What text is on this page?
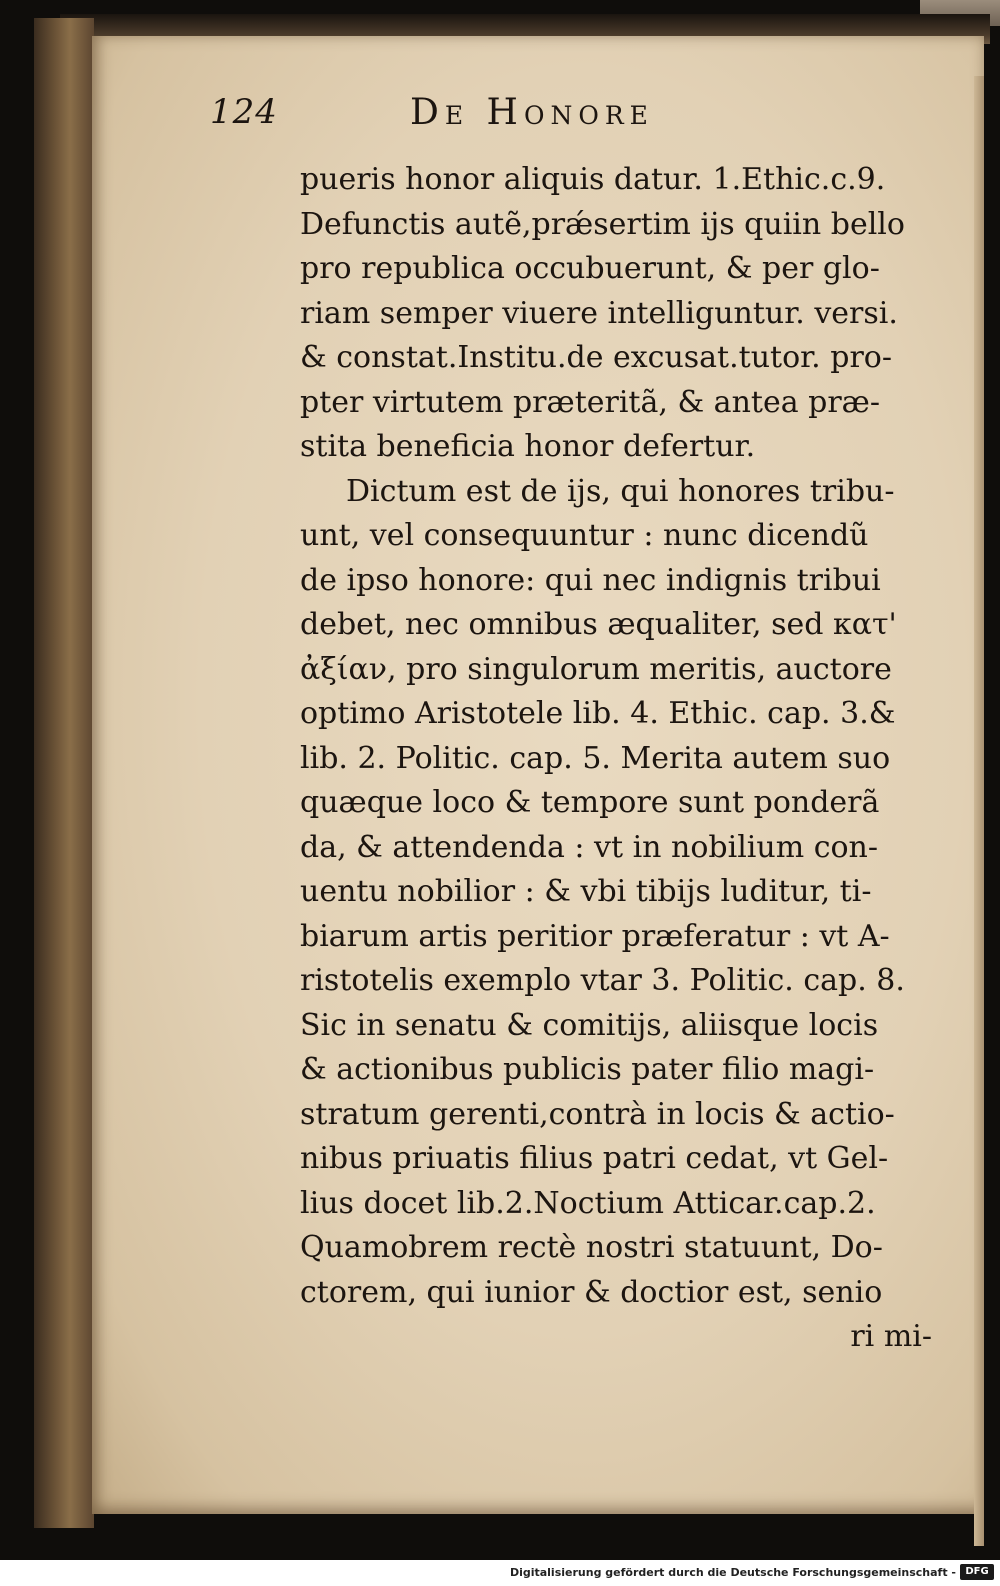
124	De Honore
pueris honor aliquis datur. 1.Ethic.c.9.
Defunctis autẽ,prǽsertim ijs quiin bello
pro republica occubuerunt, & per glo-
riam semper viuere intelliguntur. versi.
& constat.Institu.de excusat.tutor. pro-
pter virtutem præteritã, & antea præ-
stita beneficia honor defertur.
Dictum est de ijs, qui honores tribu-
unt, vel consequuntur : nunc dicendũ
de ipso honore: qui nec indignis tribui
debet, nec omnibus æqualiter, sed κατ'
ἀξίαν, pro singulorum meritis, auctore
optimo Aristotele lib. 4. Ethic. cap. 3.&
lib. 2. Politic. cap. 5. Merita autem suo
quæque loco & tempore sunt ponderã
da, & attendenda : vt in nobilium con-
uentu nobilior : & vbi tibijs luditur, ti-
biarum artis peritior præferatur : vt A-
ristotelis exemplo vtar 3. Politic. cap. 8.
Sic in senatu & comitijs, aliisque locis
& actionibus publicis pater filio magi-
stratum gerenti,contrà in locis & actio-
nibus priuatis filius patri cedat, vt Gel-
lius docet lib.2.Noctium Atticar.cap.2.
Quamobrem rectè nostri statuunt, Do-
ctorem, qui iunior & doctior est, senio
ri mi-
Digitalisierung gefördert durch die Deutsche Forschungsgemeinschaft - DFG
